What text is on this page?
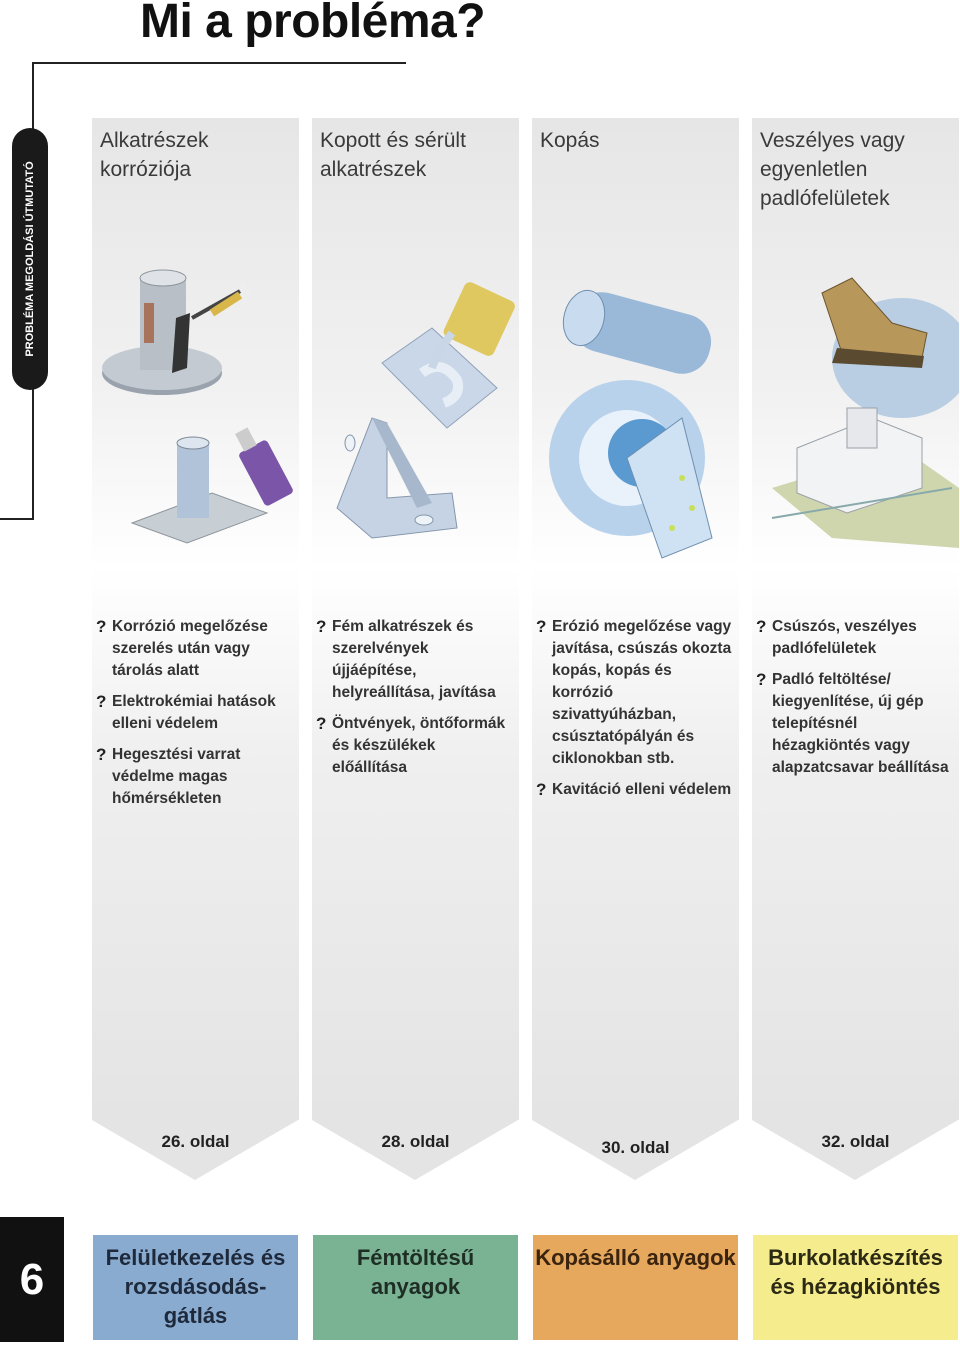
Mi a probléma?
PROBLÉMA MEGOLDÁSI ÚTMUTATÓ
Alkatrészek korróziója
? Korrózió megelőzése szerelés után vagy tárolás alatt
? Elektrokémiai hatások elleni védelem
? Hegesztési varrat védelme magas hőmérsékleten
26. oldal
Kopott és sérült alkatrészek
? Fém alkatrészek és szerelvények újjáépítése, helyreállítása, javítása
? Öntvények, öntőformák és készülékek előállítása
28. oldal
Kopás
? Erózió megelőzése vagy javítása, csúszás okozta kopás, kopás és korrózió szivattyúházban, csúsztatópályán és ciklonokban stb.
? Kavitáció elleni védelem
30. oldal
Veszélyes vagy egyenletlen padlófelületek
? Csúszós, veszélyes padlófelületek
? Padló feltöltése/ kiegyenlítése, új gép telepítésnél hézagkiöntés vagy alapzatcsavar beállítása
32. oldal
6	Felületkezelés és rozsdásodás-gátlás
Fémtöltésű anyagok
Kopásálló anyagok	Burkolatkészítés és hézagkiöntés
